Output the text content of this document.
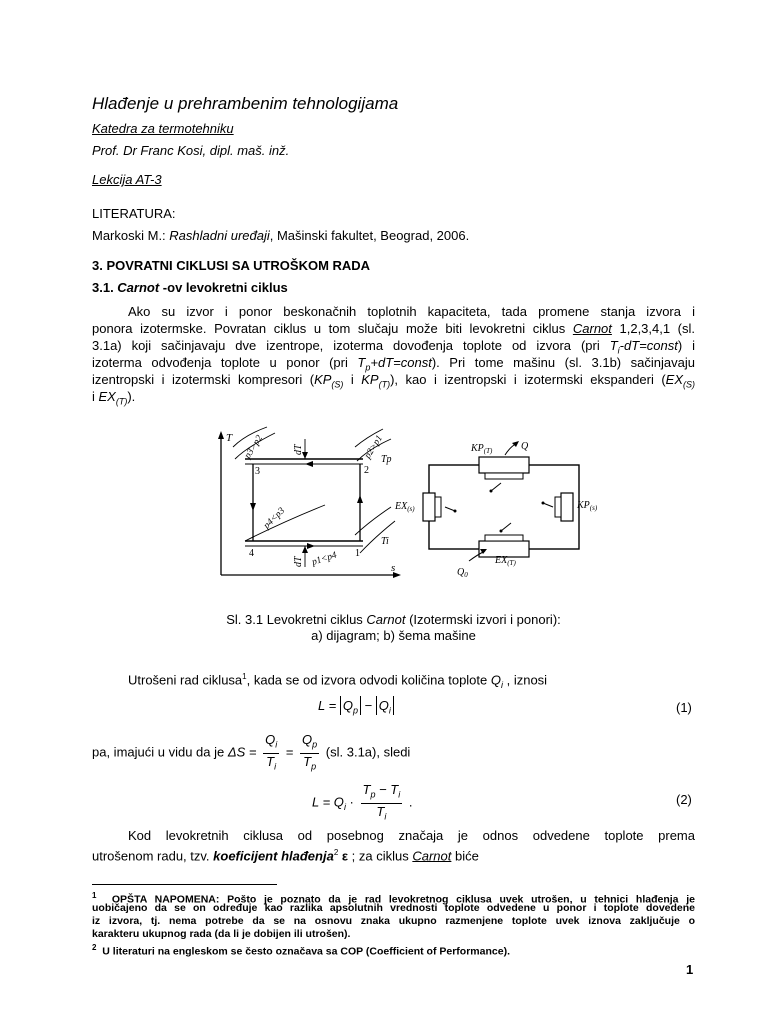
Hlađenje u prehrambenim tehnologijama
Katedra za termotehniku
Prof. Dr Franc Kosi, dipl. maš. inž.
Lekcija AT-3
LITERATURA:
Markoski M.: Rashladni uređaji, Mašinski fakultet, Beograd, 2006.
3. POVRATNI CIKLUSI SA UTROŠKOM RADA
3.1. Carnot -ov levokretni ciklus
Ako su izvor i ponor beskonačnih toplotnih kapaciteta, tada promene stanja izvora i
ponora izotermske. Povratan ciklus u tom slučaju može biti levokretni ciklus Carnot 1,2,3,4,1 (sl.
3.1a) koji sačinjavaju dve izentrope, izoterma dovođenja toplote od izvora (pri $T_i-dT=const$) i
izoterma odvođenja toplote u ponor (pri $T_p+dT=const$). Pri tome mašinu (sl. 3.1b) sačinjavaju
izentropski i izotermski kompresori ($KP_{(S)}$ i $KP_{(T)}$), kao i izentropski i izotermski ekspanderi ($EX_{(S)}$
i $EX_{(T)}$).
T
s
dT
dT
p3>p2	p2>p1
p4<p3
p1<p4
Tp
Ti
3	2
4	1
$KP_{(T)}$	Q
$EX_{(s)}$	$KP_{(s)}$
$EX_{(T)}$
$Q_0$
Sl. 3.1 Levokretni ciklus Carnot (Izotermski izvori i ponori):
a) dijagram; b) šema mašine
Utrošeni rad ciklusa$^1$, kada se od izvora odvodi količina toplote $Q_i$ , iznosi
$L = Q_p - Q_i$	(1)
pa, imajući u vidu da je $\Delta S = \frac{Q_i}{T_i} = \frac{Q_p}{T_p} (sl$. 3.1a), sledi
$L = Q_i \cdot \frac{T_p - T_i}{T_i}$ .	(2)
Kod levokretnih ciklusa od posebnog značaja je odnos odvedene toplote prema
utrošenom radu, tzv. koeficijent hlađenja$^2$ ε ; za ciklus Carnot biće
$^1$ OPŠTA NAPOMENA: Pošto je poznato da je rad levokretnog ciklusa uvek utrošen, u tehnici hlađenja je
uobičajeno da se on određuje kao razlika apsolutnih vrednosti toplote odvedene u ponor i toplote dovedene
iz izvora, tj. nema potrebe da se na osnovu znaka ukupno razmenjene toplote uvek iznova zaključuje o
karakteru ukupnog rada (da li je dobijen ili utrošen).
$^2$ U literaturi na engleskom se često označava sa COP (Coefficient of Performance).
1
